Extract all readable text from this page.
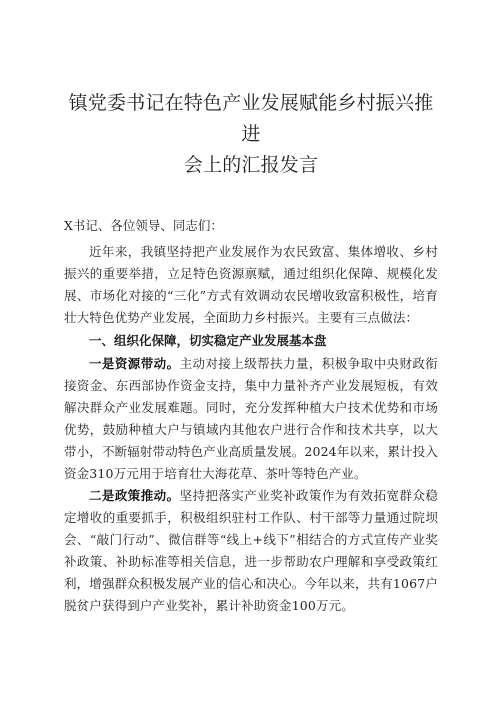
镇党委书记在特色产业发展赋能乡村振兴推进
会上的汇报发言
X书记、各位领导、同志们：

近年来，我镇坚持把产业发展作为农民致富、集体增收、乡村振兴的重要举措，立足特色资源禀赋，通过组织化保障、规模化发展、市场化对接的“三化”方式有效调动农民增收致富积极性，培育壮大特色优势产业发展，全面助力乡村振兴。主要有三点做法：

一、组织化保障，切实稳定产业发展基本盘

一是资源带动。主动对接上级帮扶力量，积极争取中央财政衔接资金、东西部协作资金支持，集中力量补齐产业发展短板，有效解决群众产业发展难题。同时，充分发挥种植大户技术优势和市场优势，鼓励种植大户与镇域内其他农户进行合作和技术共享，以大带小，不断辐射带动特色产业高质量发展。2024年以来，累计投入资金310万元用于培育壮大海花草、茶叶等特色产业。

二是政策推动。坚持把落实产业奖补政策作为有效拓宽群众稳定增收的重要抓手，积极组织驻村工作队、村干部等力量通过院坝会、“敲门行动”、微信群等“线上+线下”相结合的方式宣传产业奖补政策、补助标准等相关信息，进一步帮助农户理解和享受政策红利，增强群众积极发展产业的信心和决心。今年以来，共有1067户脱贫户获得到户产业奖补，累计补助资金100万元。
